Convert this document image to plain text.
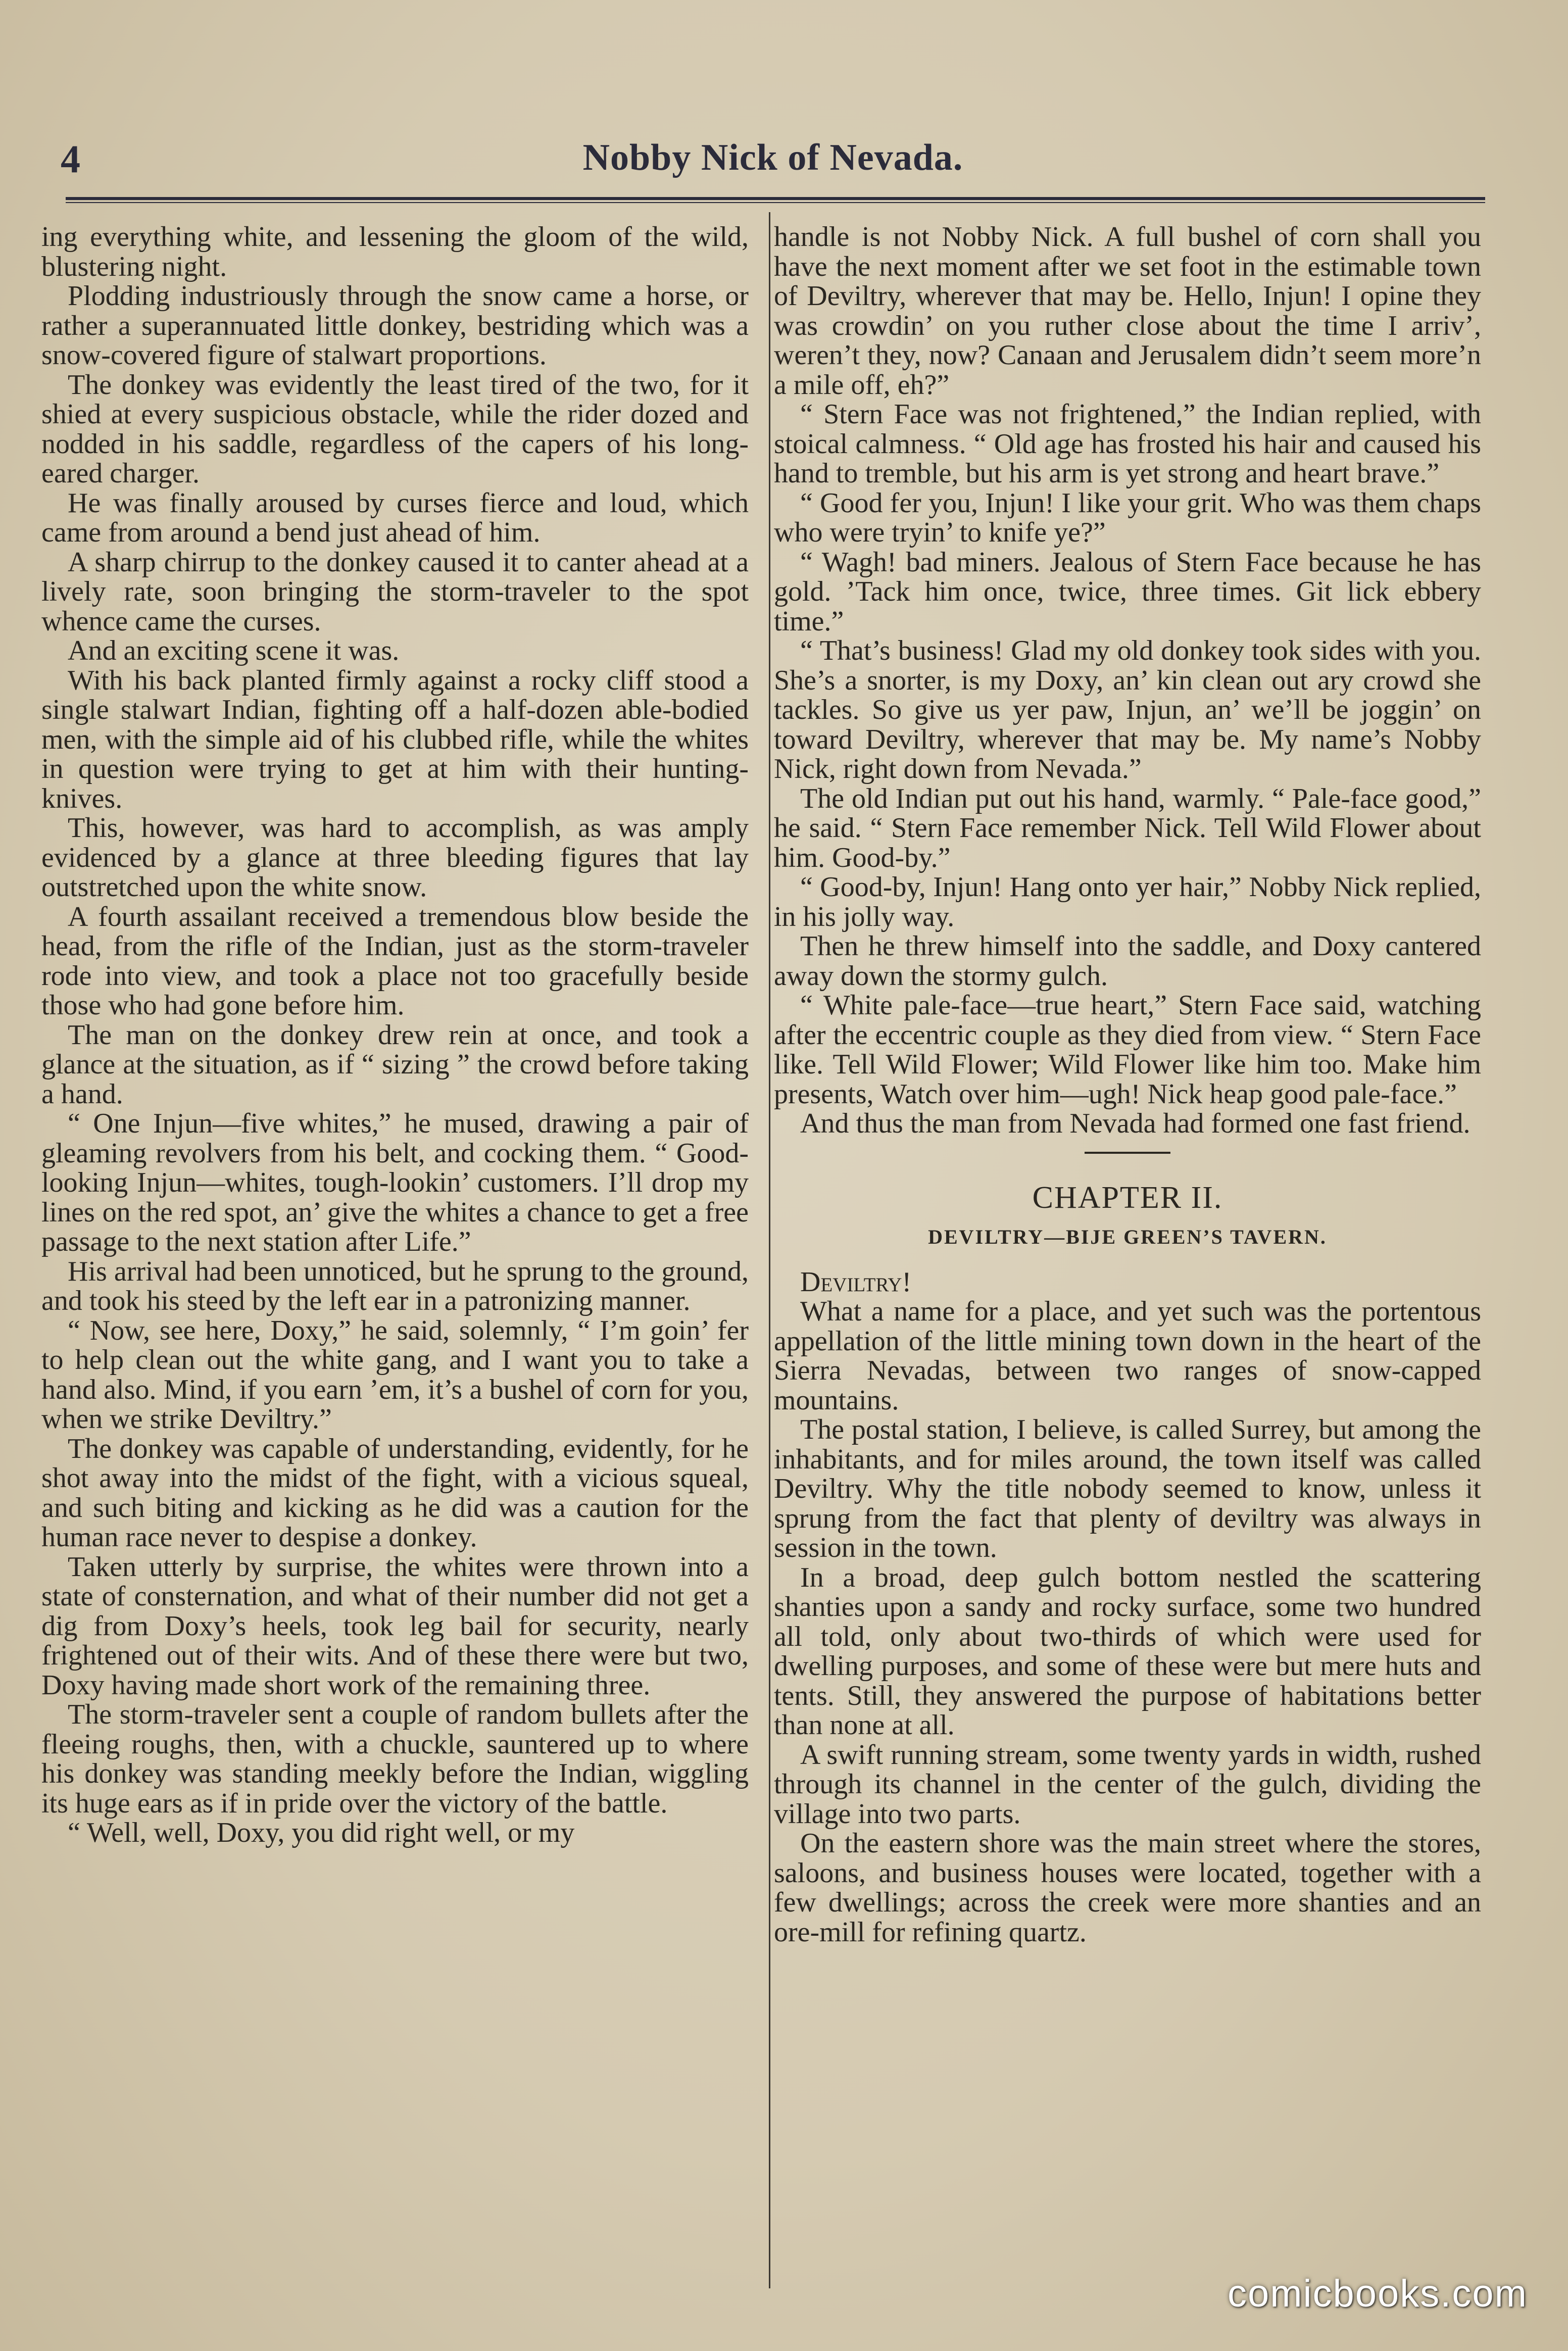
4	Nobby Nick of Nevada.

ing everything white, and lessening the gloom of the wild, blustering night.

Plodding industriously through the snow came a horse, or rather a superannuated little donkey, bestriding which was a snow-covered figure of stalwart proportions.

The donkey was evidently the least tired of the two, for it shied at every suspicious obstacle, while the rider dozed and nodded in his saddle, regardless of the capers of his long-eared charger.

He was finally aroused by curses fierce and loud, which came from around a bend just ahead of him.

A sharp chirrup to the donkey caused it to canter ahead at a lively rate, soon bringing the storm-traveler to the spot whence came the curses.

And an exciting scene it was.

With his back planted firmly against a rocky cliff stood a single stalwart Indian, fighting off a half-dozen able-bodied men, with the simple aid of his clubbed rifle, while the whites in question were trying to get at him with their hunting-knives.

This, however, was hard to accomplish, as was amply evidenced by a glance at three bleeding figures that lay outstretched upon the white snow.

A fourth assailant received a tremendous blow beside the head, from the rifle of the Indian, just as the storm-traveler rode into view, and took a place not too gracefully beside those who had gone before him.

The man on the donkey drew rein at once, and took a glance at the situation, as if “ sizing ” the crowd before taking a hand.

“ One Injun—five whites,” he mused, drawing a pair of gleaming revolvers from his belt, and cocking them. “ Good-looking Injun—whites, tough-lookin’ customers. I’ll drop my lines on the red spot, an’ give the whites a chance to get a free passage to the next station after Life.”

His arrival had been unnoticed, but he sprung to the ground, and took his steed by the left ear in a patronizing manner.

“ Now, see here, Doxy,” he said, solemnly, “ I’m goin’ fer to help clean out the white gang, and I want you to take a hand also. Mind, if you earn ’em, it’s a bushel of corn for you, when we strike Deviltry.”

The donkey was capable of understanding, evidently, for he shot away into the midst of the fight, with a vicious squeal, and such biting and kicking as he did was a caution for the human race never to despise a donkey.

Taken utterly by surprise, the whites were thrown into a state of consternation, and what of their number did not get a dig from Doxy’s heels, took leg bail for security, nearly frightened out of their wits. And of these there were but two, Doxy having made short work of the remaining three.

The storm-traveler sent a couple of random bullets after the fleeing roughs, then, with a chuckle, sauntered up to where his donkey was standing meekly before the Indian, wiggling its huge ears as if in pride over the victory of the battle.

“ Well, well, Doxy, you did right well, or my

handle is not Nobby Nick. A full bushel of corn shall you have the next moment after we set foot in the estimable town of Deviltry, wherever that may be. Hello, Injun! I opine they was crowdin’ on you ruther close about the time I arriv’, weren’t they, now? Canaan and Jerusalem didn’t seem more’n a mile off, eh?”

“ Stern Face was not frightened,” the Indian replied, with stoical calmness. “ Old age has frosted his hair and caused his hand to tremble, but his arm is yet strong and heart brave.”

“ Good fer you, Injun! I like your grit. Who was them chaps who were tryin’ to knife ye?”

“ Wagh! bad miners. Jealous of Stern Face because he has gold. ’Tack him once, twice, three times. Git lick ebbery time.”

“ That’s business! Glad my old donkey took sides with you. She’s a snorter, is my Doxy, an’ kin clean out ary crowd she tackles. So give us yer paw, Injun, an’ we’ll be joggin’ on toward Deviltry, wherever that may be. My name’s Nobby Nick, right down from Nevada.”

The old Indian put out his hand, warmly. “ Pale-face good,” he said. “ Stern Face remember Nick. Tell Wild Flower about him. Good-by.”

“ Good-by, Injun! Hang onto yer hair,” Nobby Nick replied, in his jolly way.

Then he threw himself into the saddle, and Doxy cantered away down the stormy gulch.

“ White pale-face—true heart,” Stern Face said, watching after the eccentric couple as they died from view. “ Stern Face like. Tell Wild Flower; Wild Flower like him too. Make him presents, Watch over him—ugh! Nick heap good pale-face.”

And thus the man from Nevada had formed one fast friend.

CHAPTER II.
DEVILTRY—BIJE GREEN’S TAVERN.

Deviltry!

What a name for a place, and yet such was the portentous appellation of the little mining town down in the heart of the Sierra Nevadas, between two ranges of snow-capped mountains.

The postal station, I believe, is called Surrey, but among the inhabitants, and for miles around, the town itself was called Deviltry. Why the title nobody seemed to know, unless it sprung from the fact that plenty of deviltry was always in session in the town.

In a broad, deep gulch bottom nestled the scattering shanties upon a sandy and rocky surface, some two hundred all told, only about two-thirds of which were used for dwelling purposes, and some of these were but mere huts and tents. Still, they answered the purpose of habitations better than none at all.

A swift running stream, some twenty yards in width, rushed through its channel in the center of the gulch, dividing the village into two parts.

On the eastern shore was the main street where the stores, saloons, and business houses were located, together with a few dwellings; across the creek were more shanties and an ore-mill for refining quartz.

comicbooks.com
